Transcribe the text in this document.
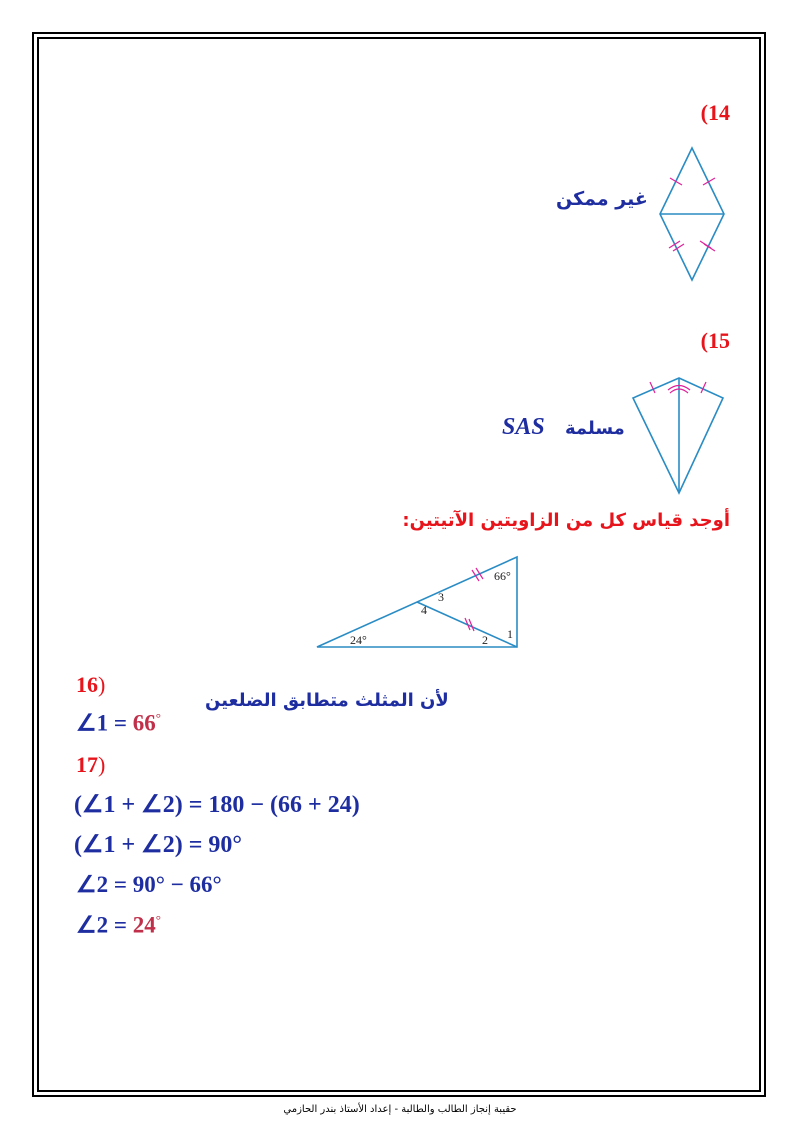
(14
غير ممكن
(15
مسلمة
SAS
أوجد قياس كل من الزاويتين الآتيتين:
66°
24°
3
4
2 1
16)
لأن المثلث متطابق الضلعين
∠1 = 66°
17)
(∠1 + ∠2) = 180 − (66 + 24)
(∠1 + ∠2) = 90°
∠2 = 90° − 66°
∠2 = 24°
حقيبة إنجاز الطالب والطالبة - إعداد الأستاذ بندر الحازمي
